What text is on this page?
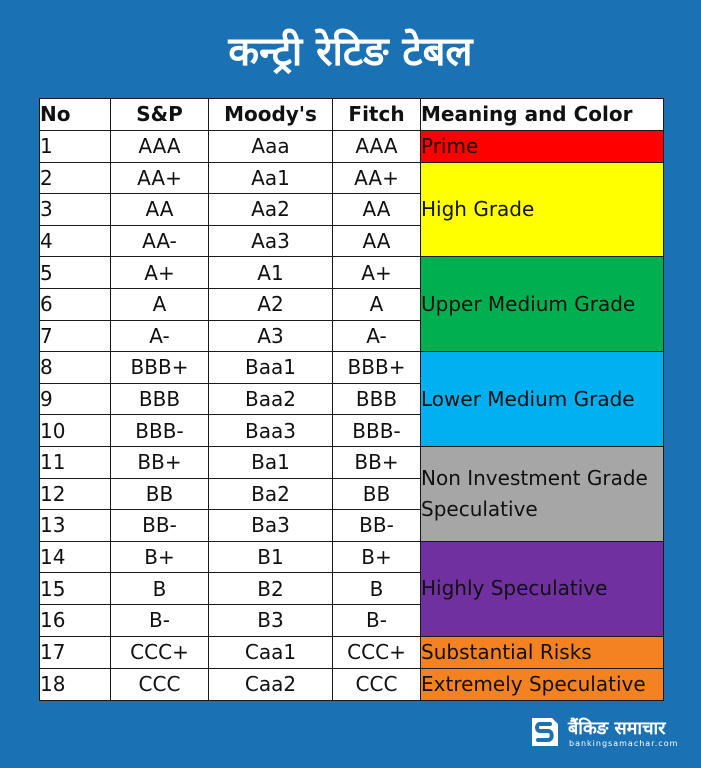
कन्ट्री रेटिङ टेबल
No	S&P	Moody's	Fitch	Meaning and Color
1	AAA	Aaa	AAA	Prime
2	AA+	Aa1	AA+	High Grade
3	AA	Aa2	AA	
4	AA-	Aa3	AA	
5	A+	A1	A+	Upper Medium Grade
6	A	A2	A	
7	A-	A3	A-	
8	BBB+	Baa1	BBB+	Lower Medium Grade
9	BBB	Baa2	BBB	
10	BBB-	Baa3	BBB-	
11	BB+	Ba1	BB+	Non Investment Grade Speculative
12	BB	Ba2	BB	
13	BB-	Ba3	BB-	
14	B+	B1	B+	Highly Speculative
15	B	B2	B	
16	B-	B3	B-	
17	CCC+	Caa1	CCC+	Substantial Risks
18	CCC	Caa2	CCC	Extremely Speculative
बैंकिङ समाचार
bankingsamachar.com
